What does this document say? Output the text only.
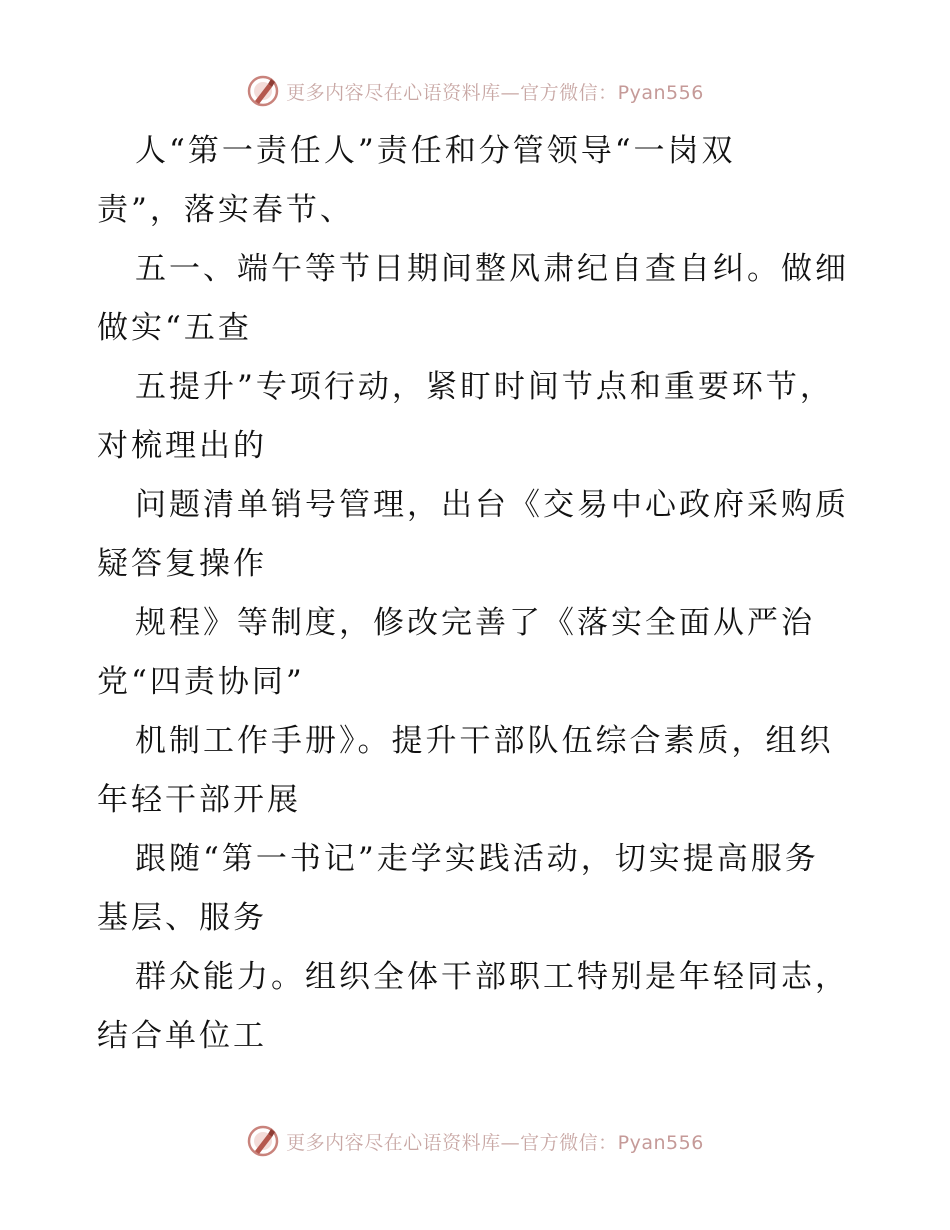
更多内容尽在心语资料库—官方微信：Pyan556
人“第一责任人”责任和分管领导“一岗双
责”，落实春节、
五一、端午等节日期间整风肃纪自查自纠。做细
做实“五查
五提升”专项行动，紧盯时间节点和重要环节，
对梳理出的
问题清单销号管理，出台《交易中心政府采购质
疑答复操作
规程》等制度，修改完善了《落实全面从严治
党“四责协同”
机制工作手册》。提升干部队伍综合素质，组织
年轻干部开展
跟随“第一书记”走学实践活动，切实提高服务
基层、服务
群众能力。组织全体干部职工特别是年轻同志，
结合单位工
更多内容尽在心语资料库—官方微信：Pyan556
